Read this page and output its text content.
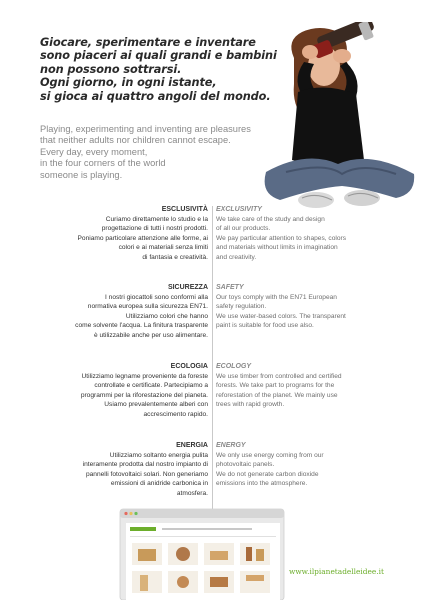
Giocare, sperimentare e inventare
sono piaceri ai quali grandi e bambini
non possono sottrarsi.
Ogni giorno, in ogni istante,
si gioca ai quattro angoli del mondo.
Playing, experimenting and inventing are pleasures
that neither adults nor children cannot escape.
Every day, every moment,
in the four corners of the world
someone is playing.
ESCLUSIVITÀ
Curiamo direttamente lo studio e la
progettazione di tutti i nostri prodotti.
Poniamo particolare attenzione alle forme, ai
colori e ai materiali senza limiti
di fantasia e creatività.
EXCLUSIVITY
We take care of the study and design
of all our products.
We pay particular attention to shapes, colors
and materials without limits in imagination
and creativity.
SICUREZZA
I nostri giocattoli sono conformi alla
normativa europea sulla sicurezza EN71.
Utilizziamo colori che hanno
come solvente l'acqua. La finitura trasparente
è utilizzabile anche per uso alimentare.
SAFETY
Our toys comply with the EN71 European
safety regulation.
We use water-based colors. The transparent
paint is suitable for food use also.
ECOLOGIA
Utilizziamo legname proveniente da foreste
controllate e certificate. Partecipiamo a
programmi per la riforestazione del pianeta.
Usiamo prevalentemente alberi con
accrescimento rapido.
ECOLOGY
We use timber from controlled and certified
forests. We take part to programs for the
reforestation of the planet. We mainly use
trees with rapid growth.
ENERGIA
Utilizziamo soltanto energia pulita
interamente prodotta dal nostro impianto di
pannelli fotovoltaici solari. Non generiamo
emissioni di anidride carbonica in
atmosfera.
ENERGY
We only use energy coming from our
photovoltaic panels.
We do not generate carbon dioxide
emissions into the atmosphere.
www.ilpianetadelleidee.it
